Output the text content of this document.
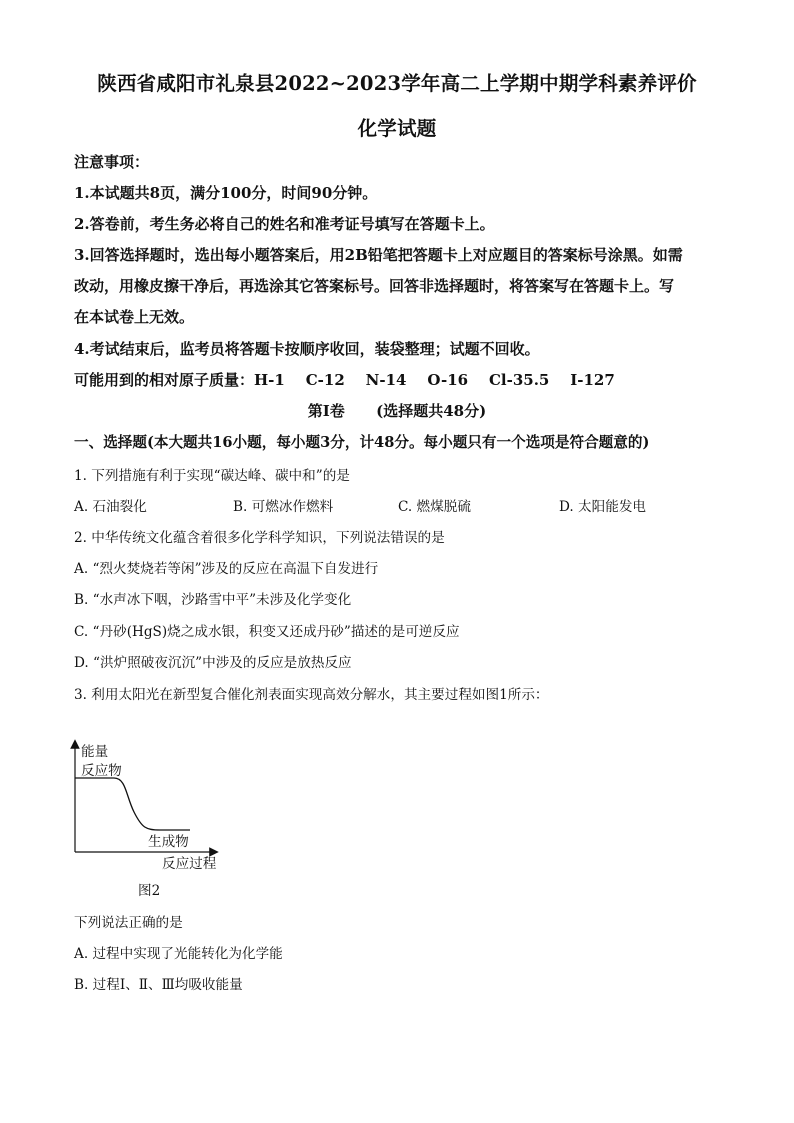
陕西省咸阳市礼泉县2022~2023学年高二上学期中期学科素养评价
化学试题
注意事项：
1.本试题共8页，满分100分，时间90分钟。
2.答卷前，考生务必将自己的姓名和准考证号填写在答题卡上。
3.回答选择题时，选出每小题答案后，用2B铅笔把答题卡上对应题目的答案标号涂黑。如需
改动，用橡皮擦干净后，再选涂其它答案标号。回答非选择题时，将答案写在答题卡上。写
在本试卷上无效。
4.考试结束后，监考员将答题卡按顺序收回，装袋整理；试题不回收。
可能用到的相对原子质量：H-1    C-12    N-14    O-16    Cl-35.5    I-127
第Ⅰ卷      (选择题共48分)
一、选择题(本大题共16小题，每小题3分，计48分。每小题只有一个选项是符合题意的)
1. 下列措施有利于实现“碳达峰、碳中和”的是
A. 石油裂化	B. 可燃冰作燃料	C. 燃煤脱硫	D. 太阳能发电
2. 中华传统文化蕴含着很多化学科学知识，下列说法错误的是
A. “烈火焚烧若等闲”涉及的反应在高温下自发进行
B. “水声冰下咽，沙路雪中平”未涉及化学变化
C. “丹砂(HgS)烧之成水银，积变又还成丹砂”描述的是可逆反应
D. “洪炉照破夜沉沉”中涉及的反应是放热反应
3. 利用太阳光在新型复合催化剂表面实现高效分解水，其主要过程如图1所示：
能量
反应物
生成物
反应过程
图2
下列说法正确的是
A. 过程中实现了光能转化为化学能
B. 过程Ⅰ、Ⅱ、Ⅲ均吸收能量
